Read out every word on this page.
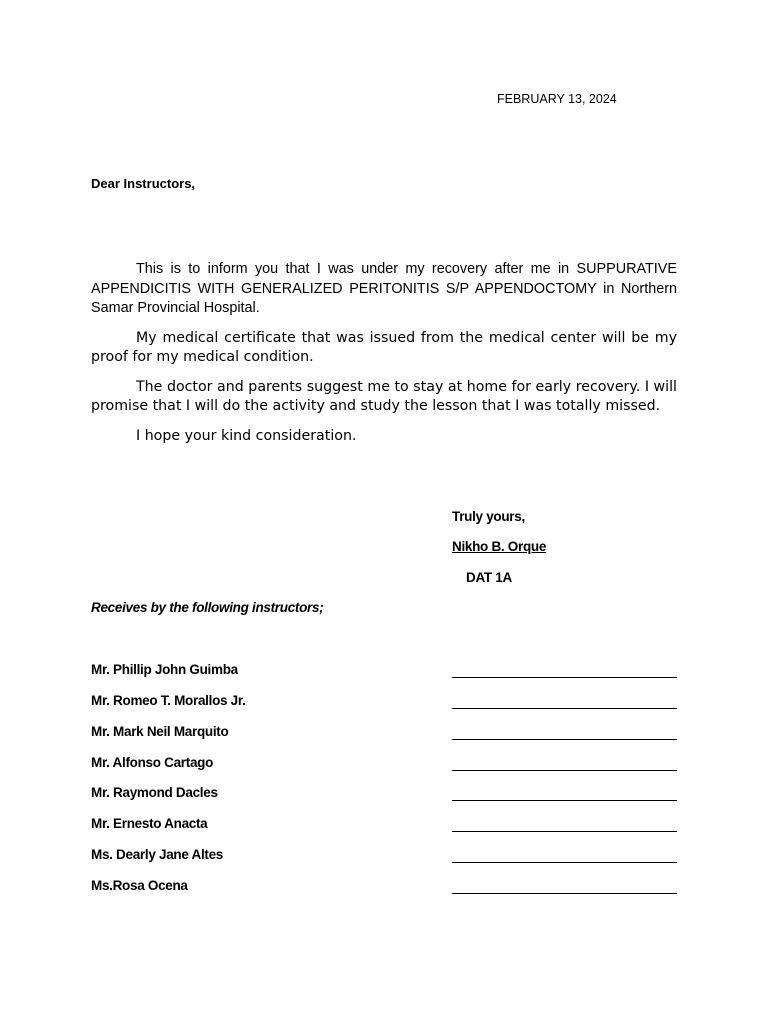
FEBRUARY 13, 2024
Dear Instructors,

This is to inform you that I was under my recovery after me in SUPPURATIVE APPENDICITIS WITH GENERALIZED PERITONITIS S/P APPENDOCTOMY in Northern Samar Provincial Hospital.

My medical certificate that was issued from the medical center will be my proof for my medical condition.

The doctor and parents suggest me to stay at home for early recovery. I will promise that I will do the activity and study the lesson that I was totally missed.

I hope your kind consideration.

Truly yours,
Nikho B. Orque
DAT 1A
Receives by the following instructors;
Mr. Phillip John Guimba
Mr. Romeo T. Morallos Jr.
Mr. Mark Neil Marquito
Mr. Alfonso Cartago
Mr. Raymond Dacles
Mr. Ernesto Anacta
Ms. Dearly Jane Altes
Ms.Rosa Ocena
